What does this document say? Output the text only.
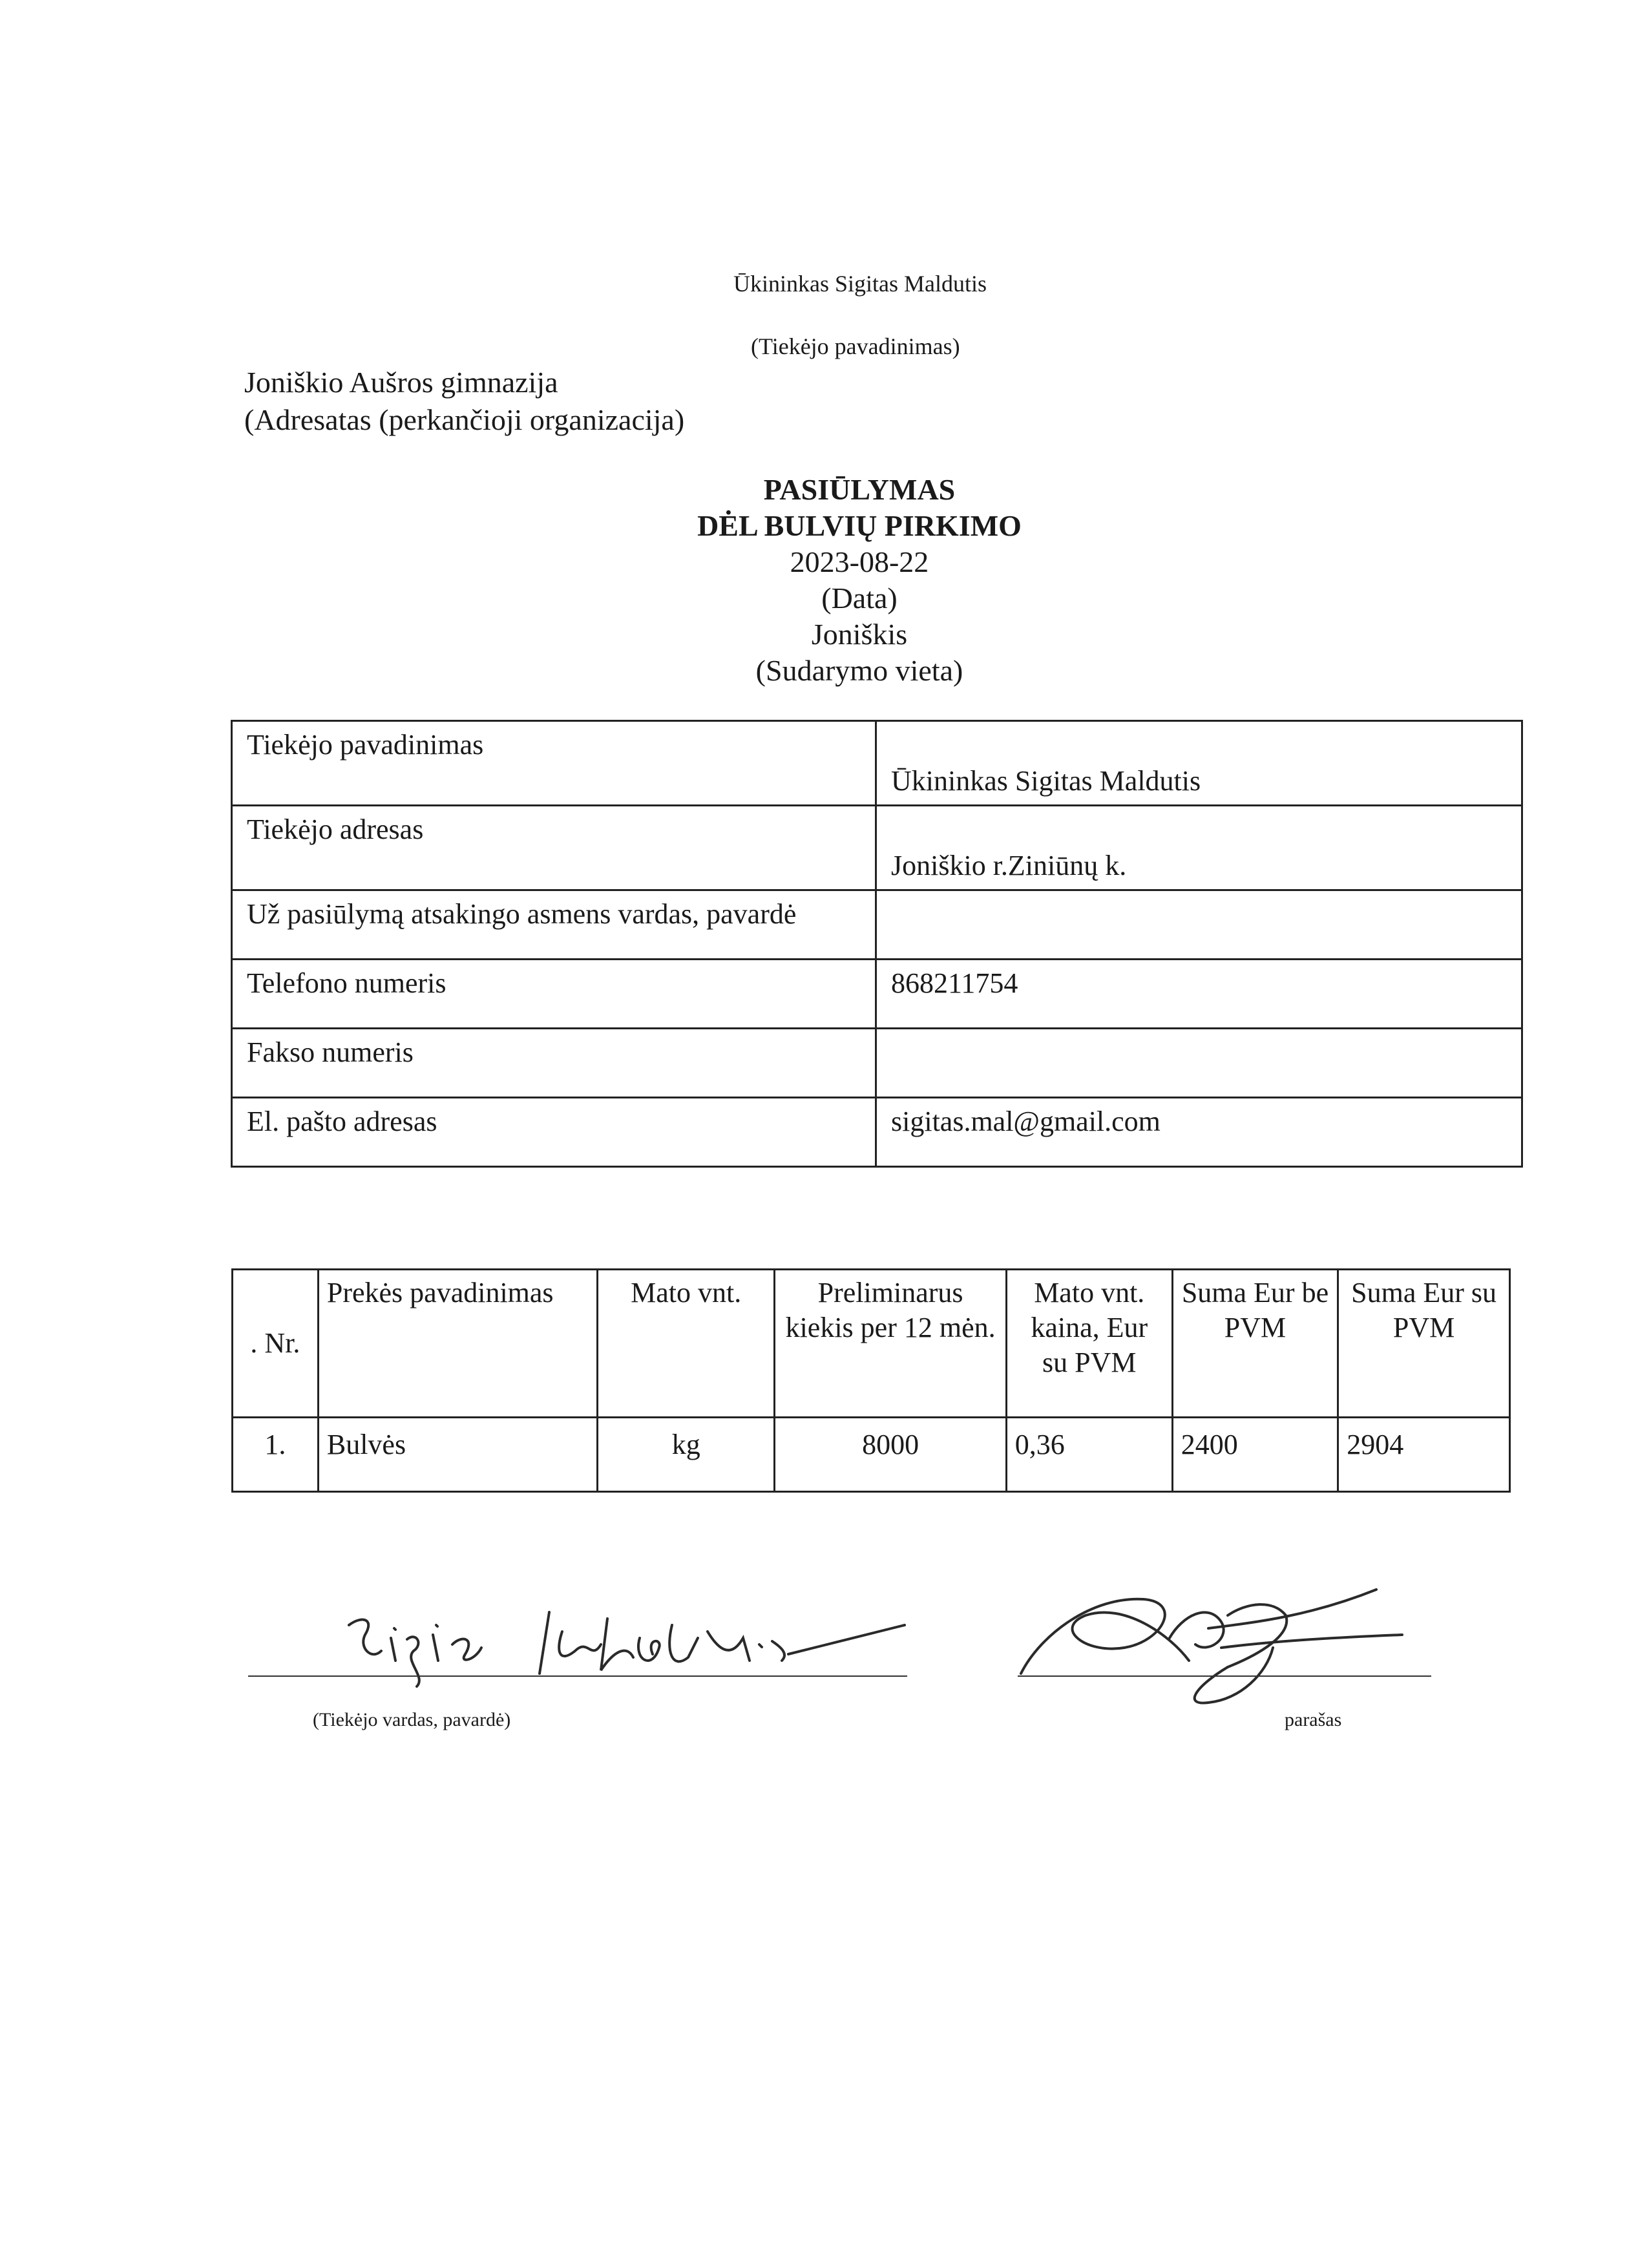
Ūkininkas Sigitas Maldutis
(Tiekėjo pavadinimas)
Joniškio Aušros gimnazija
(Adresatas (perkančioji organizacija)
PASIŪLYMAS
DĖL BULVIŲ PIRKIMO
2023-08-22
(Data)
Joniškis
(Sudarymo vieta)
Tiekėjo pavadinimas	Ūkininkas Sigitas Maldutis

Tiekėjo adresas	Joniškio r.Ziniūnų k.

Už pasiūlymą atsakingo asmens vardas, pavardė	

Telefono numeris	868211754

Fakso numeris	

El. pašto adresas	sigitas.mal@gmail.com
. Nr.	Prekės pavadinimas	Mato vnt.	Preliminarus kiekis per 12 mėn.	Mato vnt. kaina, Eur su PVM	Suma Eur be PVM	Suma Eur su PVM
1.	Bulvės	kg	8000	0,36	2400	2904
(Tiekėjo vardas, pavardė)	parašas
